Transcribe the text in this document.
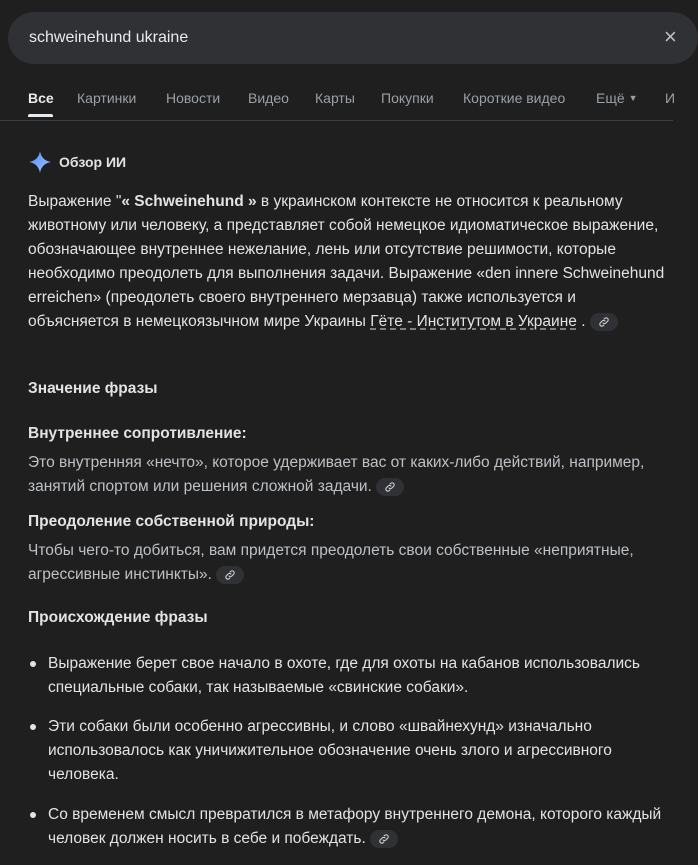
schweinehund ukraine	×
Все Картинки Новости Видео Карты Покупки Короткие видео Ещё ▼ И
Обзор ИИ
Выражение "« Schweinehund » в украинском контексте не относится к реальному животному или человеку, а представляет собой немецкое идиоматическое выражение, обозначающее внутреннее нежелание, лень или отсутствие решимости, которые необходимо преодолеть для выполнения задачи. Выражение «den innere Schweinehund erreichen» (преодолеть своего внутреннего мерзавца) также используется и объясняется в немецкоязычном мире Украины Гёте - Институтом в Украине .
Значение фразы
Внутреннее сопротивление:
Это внутренняя «нечто», которое удерживает вас от каких-либо действий, например, занятий спортом или решения сложной задачи.
Преодоление собственной природы:
Чтобы чего-то добиться, вам придется преодолеть свои собственные «неприятные, агрессивные инстинкты».
Происхождение фразы
Выражение берет свое начало в охоте, где для охоты на кабанов использовались специальные собаки, так называемые «свинские собаки».
Эти собаки были особенно агрессивны, и слово «швайнехунд» изначально использовалось как уничижительное обозначение очень злого и агрессивного человека.
Со временем смысл превратился в метафору внутреннего демона, которого каждый человек должен носить в себе и побеждать.
